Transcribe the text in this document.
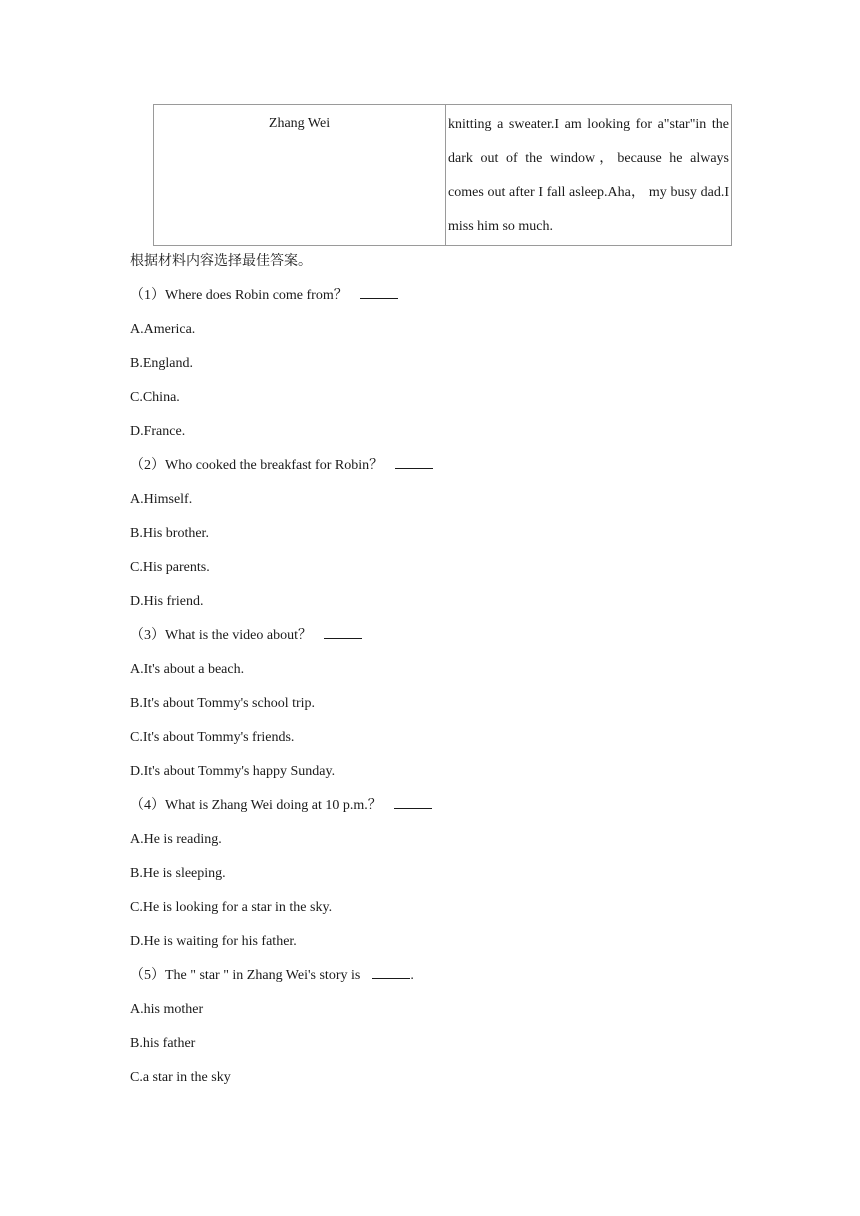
Zhang Wei	knitting a sweater.I am looking for a"star"in the dark out of the window，because he always comes out after I fall asleep.Aha， my busy dad.I miss him so much.
根据材料内容选择最佳答案。
（1）Where does Robin come from？
A.America.
B.England.
C.China.
D.France.
（2）Who cooked the breakfast for Robin？
A.Himself.
B.His brother.
C.His parents.
D.His friend.
（3）What is the video about？
A.It's about a beach.
B.It's about Tommy's school trip.
C.It's about Tommy's friends.
D.It's about Tommy's happy Sunday.
（4）What is Zhang Wei doing at 10 p.m.？
A.He is reading.
B.He is sleeping.
C.He is looking for a star in the sky.
D.He is waiting for his father.
（5）The " star " in Zhang Wei's story is	.
A.his mother
B.his father
C.a star in the sky
